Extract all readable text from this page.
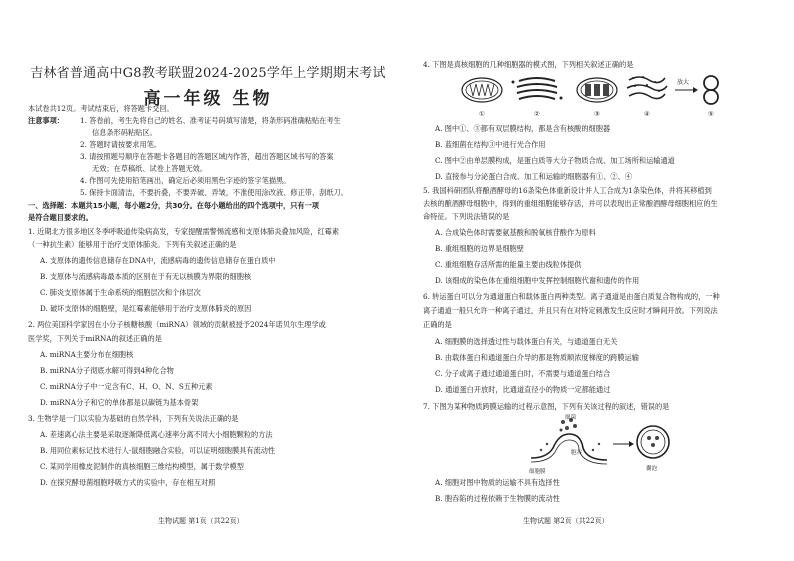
吉林省普通高中G8教考联盟2024-2025学年上学期期末考试
高一年级 生物
本试卷共12页。考试结束后，将答题卡交回。
注意事项： 1. 答卷前，考生先将自己的姓名、准考证号码填写清楚，将条形码准确粘贴在考生
信息条形码粘贴区。
2. 答题时请按要求用笔。
3. 请按照题号顺序在答题卡各题目的答题区域内作答，超出答题区域书写的答案
无效；在草稿纸、试卷上答题无效。
4. 作图可先使用铅笔画出，确定后必须用黑色字迹的签字笔描黑。
5. 保持卡面清洁，不要折叠，不要弄破、弄皱，不准使用涂改液、修正带、刮纸刀。
一、选择题：本题共15小题，每小题2分，共30分。在每小题给出的四个选项中，只有一项
是符合题目要求的。
1. 近期北方很多地区冬季呼吸道传染病高发，专家提醒需警惕流感和支原体肺炎叠加风险，红霉素
（一种抗生素）能够用于治疗支原体肺炎。下列有关叙述正确的是
A. 支原体的遗传信息储存在DNA中，流感病毒的遗传信息储存在蛋白质中
B. 支原体与流感病毒最本质的区别在于有无以核膜为界限的细胞核
C. 肺炎支原体属于生命系统的细胞层次和个体层次
D. 破坏支原体的细胞壁，是红霉素能够用于治疗支原体肺炎的原因
2. 两位美国科学家因在小分子核糖核酸（miRNA）领域的贡献被授予2024年诺贝尔生理学或
医学奖，下列关于miRNA的叙述正确的是
A. miRNA主要分布在细胞核
B. miRNA分子彻底水解可得到4种化合物
C. miRNA分子中一定含有C、H、O、N、S五种元素
D. miRNA分子和它的单体都是以碳链为基本骨架
3. 生物学是一门以实验为基础的自然学科，下列有关说法正确的是
A. 差速离心法主要是采取逐渐降低离心速率分离不同大小细胞颗粒的方法
B. 用同位素标记技术进行人-鼠细胞融合实验，可以证明细胞膜具有流动性
C. 某同学用橡皮泥制作的真核细胞三维结构模型，属于数学模型
D. 在探究酵母菌细胞呼吸方式的实验中，存在相互对照
生物试题 第1页（共22页）
4. 下图是真核细胞的几种细胞器的模式图，下列相关叙述正确的是
放大
①	②	③	④	⑤
A. 图中①、③都有双层膜结构，都是含有核酸的细胞器
B. 蓝细菌在结构③中进行光合作用
C. 图中②由单层膜构成，是蛋白质等大分子物质合成、加工场所和运输通道
D. 直接参与分泌蛋白合成、加工和运输的细胞器有①、②、④
5. 我国科研团队将酿酒酵母的16条染色体重新设计并人工合成为1条染色体，并将其移植到
去核的酿酒酵母细胞中，得到的重组细胞能够存活，并可以表现出正常酿酒酵母细胞相应的生
命特征。下列说法错误的是
A. 合成染色体时需要氨基酸和脱氧核苷酸作为原料
B. 重组细胞的边界是细胞壁
C. 重组细胞存活所需的能量主要由线粒体提供
D. 该细成的染色体在重组细胞中发挥控制细胞代谢和遗传的作用
6. 转运蛋白可以分为通道蛋白和载体蛋白两种类型。离子通道是由蛋白质复合物构成的，一种
离子通道一般只允许一种离子通过，并且只有在对特定刺激发生反应时才瞬间开放。下列说法
正确的是
A. 细胞膜的选择透过性与载体蛋白有关，与通道蛋白无关
B. 由载体蛋白和通道蛋白介导的都是物质顺浓度梯度的跨膜运输
C. 分子或离子通过通道蛋白时，不需要与通道蛋白结合
D. 通道蛋白开放时，比通道直径小的物质一定都能通过
7. 下图为某种物质跨膜运输的过程示意图，下列有关该过程的叙述，错误的是
细菌
胞吞
细胞膜	囊泡
A. 细胞对图中物质的运输不具有选择性
B. 胞吞陷的过程依赖于生物膜的流动性
生物试题 第2页（共22页）
